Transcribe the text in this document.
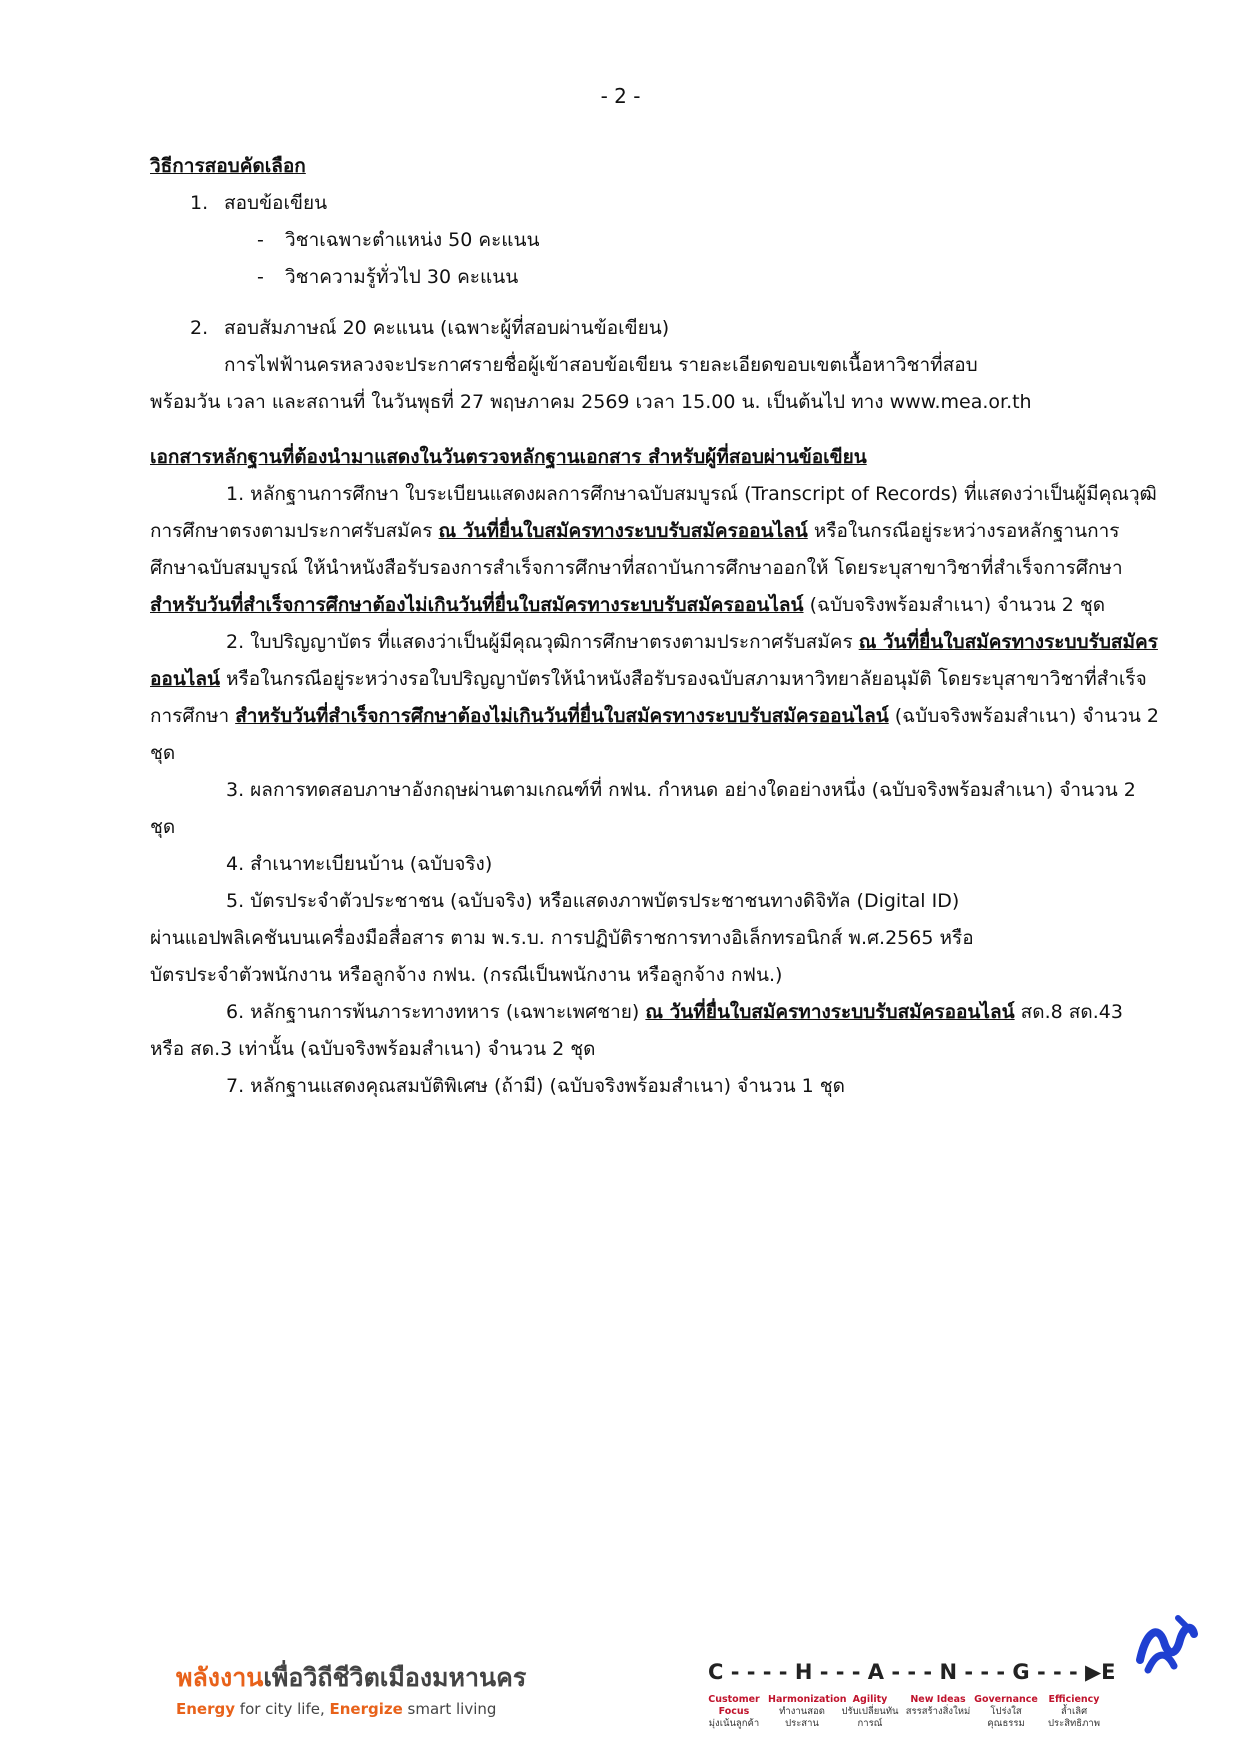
- 2 -
วิธีการสอบคัดเลือก
1. สอบข้อเขียน
- วิชาเฉพาะตำแหน่ง 50 คะแนน
- วิชาความรู้ทั่วไป 30 คะแนน
2. สอบสัมภาษณ์ 20 คะแนน (เฉพาะผู้ที่สอบผ่านข้อเขียน)
การไฟฟ้านครหลวงจะประกาศรายชื่อผู้เข้าสอบข้อเขียน รายละเอียดขอบเขตเนื้อหาวิชาที่สอบ
พร้อมวัน เวลา และสถานที่ ในวันพุธที่ 27 พฤษภาคม 2569 เวลา 15.00 น. เป็นต้นไป ทาง www.mea.or.th
เอกสารหลักฐานที่ต้องนำมาแสดงในวันตรวจหลักฐานเอกสาร สำหรับผู้ที่สอบผ่านข้อเขียน
1. หลักฐานการศึกษา ใบระเบียนแสดงผลการศึกษาฉบับสมบูรณ์ (Transcript of Records) ที่แสดงว่าเป็นผู้มีคุณวุฒิการศึกษาตรงตามประกาศรับสมัคร ณ วันที่ยื่นใบสมัครทางระบบรับสมัครออนไลน์ หรือในกรณีอยู่ระหว่างรอหลักฐานการศึกษาฉบับสมบูรณ์ ให้นำหนังสือรับรองการสำเร็จการศึกษาที่สถาบันการศึกษาออกให้ โดยระบุสาขาวิชาที่สำเร็จการศึกษา สำหรับวันที่สำเร็จการศึกษาต้องไม่เกินวันที่ยื่นใบสมัครทางระบบรับสมัครออนไลน์ (ฉบับจริงพร้อมสำเนา) จำนวน 2 ชุด
2. ใบปริญญาบัตร ที่แสดงว่าเป็นผู้มีคุณวุฒิการศึกษาตรงตามประกาศรับสมัคร ณ วันที่ยื่นใบสมัครทางระบบรับสมัครออนไลน์ หรือในกรณีอยู่ระหว่างรอใบปริญญาบัตรให้นำหนังสือรับรองฉบับสภามหาวิทยาลัยอนุมัติ โดยระบุสาขาวิชาที่สำเร็จการศึกษา สำหรับวันที่สำเร็จการศึกษาต้องไม่เกินวันที่ยื่นใบสมัครทางระบบรับสมัครออนไลน์ (ฉบับจริงพร้อมสำเนา) จำนวน 2 ชุด
3. ผลการทดสอบภาษาอังกฤษผ่านตามเกณฑ์ที่ กฟน. กำหนด อย่างใดอย่างหนึ่ง (ฉบับจริงพร้อมสำเนา) จำนวน 2 ชุด
4. สำเนาทะเบียนบ้าน (ฉบับจริง)
5. บัตรประจำตัวประชาชน (ฉบับจริง) หรือแสดงภาพบัตรประชาชนทางดิจิทัล (Digital ID)
ผ่านแอปพลิเคชันบนเครื่องมือสื่อสาร ตาม พ.ร.บ. การปฏิบัติราชการทางอิเล็กทรอนิกส์ พ.ศ.2565 หรือ
บัตรประจำตัวพนักงาน หรือลูกจ้าง กฟน. (กรณีเป็นพนักงาน หรือลูกจ้าง กฟน.)
6. หลักฐานการพ้นภาระทางทหาร (เฉพาะเพศชาย) ณ วันที่ยื่นใบสมัครทางระบบรับสมัครออนไลน์ สด.8 สด.43 หรือ สด.3 เท่านั้น (ฉบับจริงพร้อมสำเนา) จำนวน 2 ชุด
7. หลักฐานแสดงคุณสมบัติพิเศษ (ถ้ามี) (ฉบับจริงพร้อมสำเนา) จำนวน 1 ชุด
พลังงานเพื่อวิถีชีวิตเมืองมหานคร
Energy for city life, Energize smart living
C - - - - H - - - A - - - N - - - G - - - ▶E
Customer Focus
มุ่งเน้นลูกค้า
Harmonization
ทำงานสอดประสาน
Agility
ปรับเปลี่ยนทันการณ์
New Ideas
สรรสร้างสิ่งใหม่
Governance
โปร่งใสคุณธรรม
Efficiency
ล้ำเลิศประสิทธิภาพ
